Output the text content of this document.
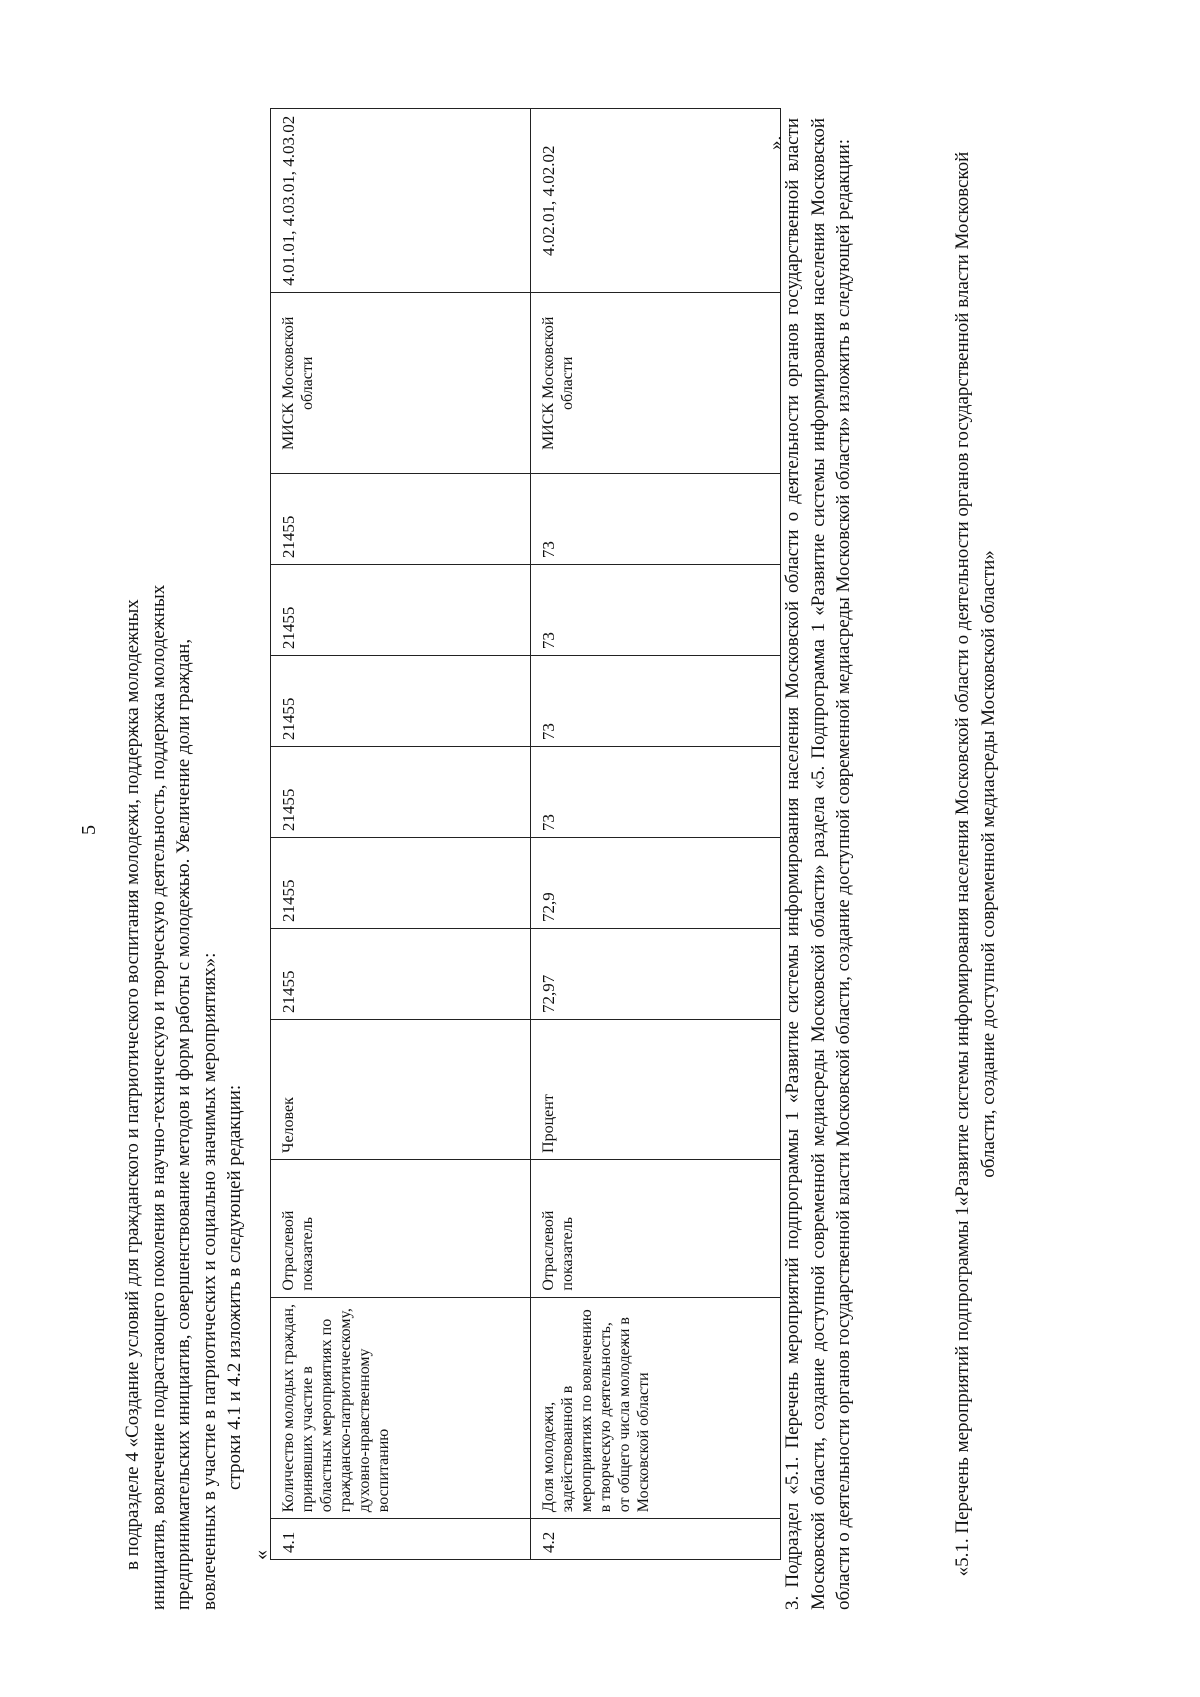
5 в подразделе 4 «Создание условий для гражданского и патриотического воспитания молодежи, поддержка молодежных инициатив, вовлечение подрастающего поколения в научно-техническую и творческую деятельность, поддержка молодежных предпринимательских инициатив, совершенствование методов и форм работы с молодежью. Увеличение доли граждан, вовлеченных в участие в патриотических и социально значимых мероприятиях»: строки 4.1 и 4.2 изложить в следующей редакции:

«
4.1	Количество молодых граждан, принявших участие в областных мероприятиях по гражданско-патриотическому, духовно-нравственному воспитанию	Отраслевой показатель	Человек	21455	21455	21455	21455	21455	21455	МИСК Московской области	4.01.01, 4.03.01, 4.03.02
4.2	Доля молодежи, задействованной в мероприятиях по вовлечению в творческую деятельность, от общего числа молодежи в Московской области	Отраслевой показатель	Процент	72,97	72,9	73	73	73	73	МИСК Московской области	4.02.01, 4.02.02
».

3. Подраздел «5.1. Перечень мероприятий подпрограммы 1 «Развитие системы информирования населения Московской области о деятельности органов государственной власти Московской области, создание доступной современной медиасреды Московской области» раздела «5. Подпрограмма 1 «Развитие системы информирования населения Московской области о деятельности органов государственной власти Московской области, создание доступной современной медиасреды Московской области» изложить в следующей редакции:	«5.1. Перечень мероприятий подпрограммы 1«Развитие системы информирования населения Московской области о деятельности органов государственной власти Московской области, создание доступной современной медиасреды Московской области»
